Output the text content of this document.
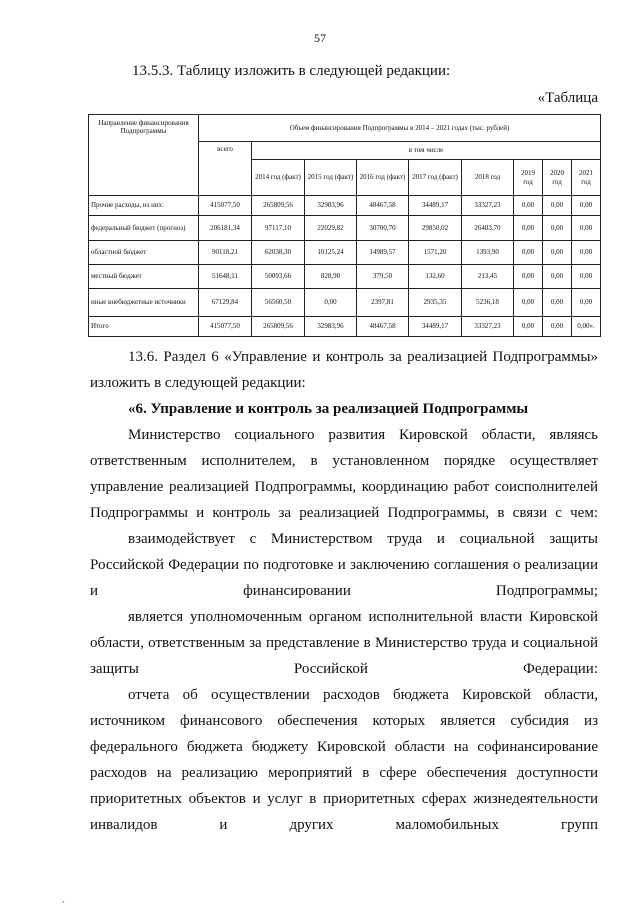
57
13.5.3. Таблицу изложить в следующей редакции:
«Таблица
Направление финансирования Подпрограммы	Объем финансирования Подпрограммы в 2014 – 2021 годах (тыс. рублей)								
	всего	в том числе							
		2014 год (факт)	2015 год (факт)	2016 год (факт)	2017 год (факт)	2018 год	2019 год	2020 год	2021 год
Прочие расходы, из них:	415077,50	265809,56	32983,96	48467,58	34489,17	33327,23	0,00	0,00	0,00
федеральный бюджет (прогноз)	206181,34	97117,10	22029,82	30700,70	29850,02	26483,70	0,00	0,00	0,00
областной бюджет	90118,21	62038,30	10125,24	14989,57	1571,20	1393,90	0,00	0,00	0,00
местный бюджет	51648,11	50093,66	828,90	379,50	132,60	213,45	0,00	0,00	0,00
иные внебюджетные источники	67129,84	56560,50	0,00	2397,81	2935,35	5236,18	0,00	0,00	0,00
Итого	415077,50	265809,56	32983,96	48467,58	34489,17	33327,23	0,00	0,00	0,00».

13.6. Раздел 6 «Управление и контроль за реализацией Подпрограммы»

изложить в следующей редакции:

«6. Управление и контроль за реализацией Подпрограммы

Министерство социального развития Кировской области, являясь ответственным исполнителем, в установленном порядке осуществляет управление реализацией Подпрограммы, координацию работ соисполнителей Подпрограммы и контроль за реализацией Подпрограммы, в связи с чем:

взаимодействует с Министерством труда и социальной защиты Российской Федерации по подготовке и заключению соглашения о реализации и финансировании Подпрограммы;

является уполномоченным органом исполнительной власти Кировской области, ответственным за представление в Министерство труда и социальной защиты Российской Федерации:

отчета об осуществлении расходов бюджета Кировской области, источником финансового обеспечения которых является субсидия из федерального бюджета бюджету Кировской области на софинансирование расходов на реализацию мероприятий в сфере обеспечения доступности приоритетных объектов и услуг в приоритетных сферах жизнедеятельности инвалидов и других маломобильных групп

ˏ
